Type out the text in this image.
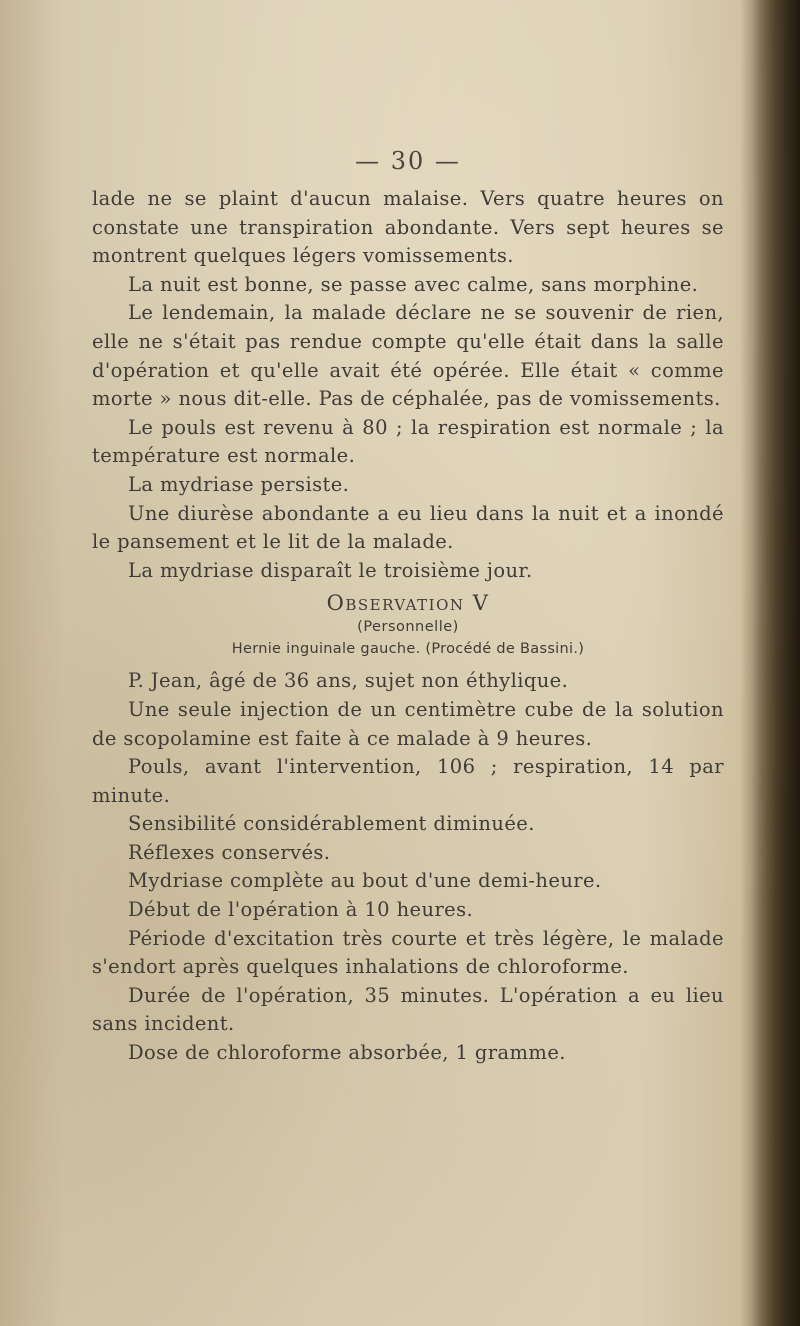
— 30 —

lade ne se plaint d'aucun malaise. Vers quatre heures on constate une transpiration abondante. Vers sept heures se montrent quelques légers vomissements.

La nuit est bonne, se passe avec calme, sans morphine.

Le lendemain, la malade déclare ne se souvenir de rien, elle ne s'était pas rendue compte qu'elle était dans la salle d'opération et qu'elle avait été opérée. Elle était « comme morte » nous dit-elle. Pas de céphalée, pas de vomissements.

Le pouls est revenu à 80 ; la respiration est normale ; la température est normale.

La mydriase persiste.

Une diurèse abondante a eu lieu dans la nuit et a inondé le pansement et le lit de la malade.

La mydriase disparaît le troisième jour.

Observation V

(Personnelle)

Hernie inguinale gauche. (Procédé de Bassini.)

P. Jean, âgé de 36 ans, sujet non éthylique.

Une seule injection de un centimètre cube de la solution de scopolamine est faite à ce malade à 9 heures.

Pouls, avant l'intervention, 106 ; respiration, 14 par minute.

Sensibilité considérablement diminuée.

Réflexes conservés.

Mydriase complète au bout d'une demi-heure.

Début de l'opération à 10 heures.

Période d'excitation très courte et très légère, le malade s'endort après quelques inhalations de chloroforme.

Durée de l'opération, 35 minutes. L'opération a eu lieu sans incident.

Dose de chloroforme absorbée, 1 gramme.
